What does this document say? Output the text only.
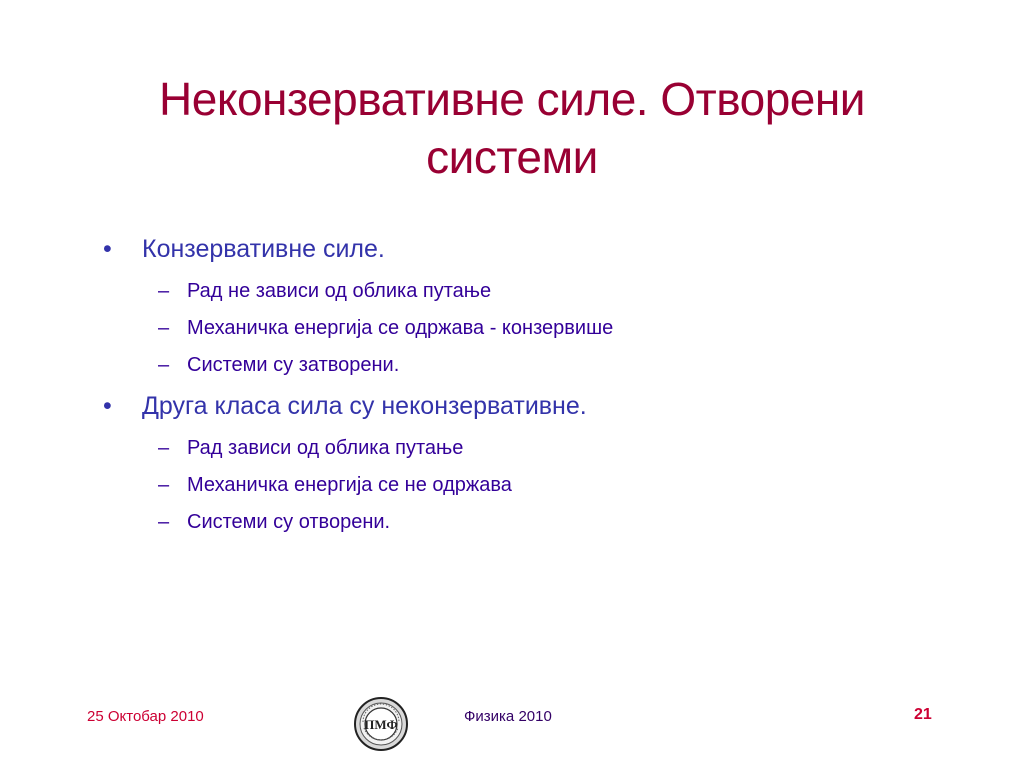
Неконзервативне силе. Отворени
системи
• Конзервативне силе.
– Рад не зависи од облика путање
– Механичка енергија се одржава - конзервише
– Системи су затворени.
• Друга класа сила су неконзервативне.
– Рад зависи од облика путање
– Механичка енергија се не одржава
– Системи су отворени.
25 Октобар 2010	ПМФ	Физика 2010	21
